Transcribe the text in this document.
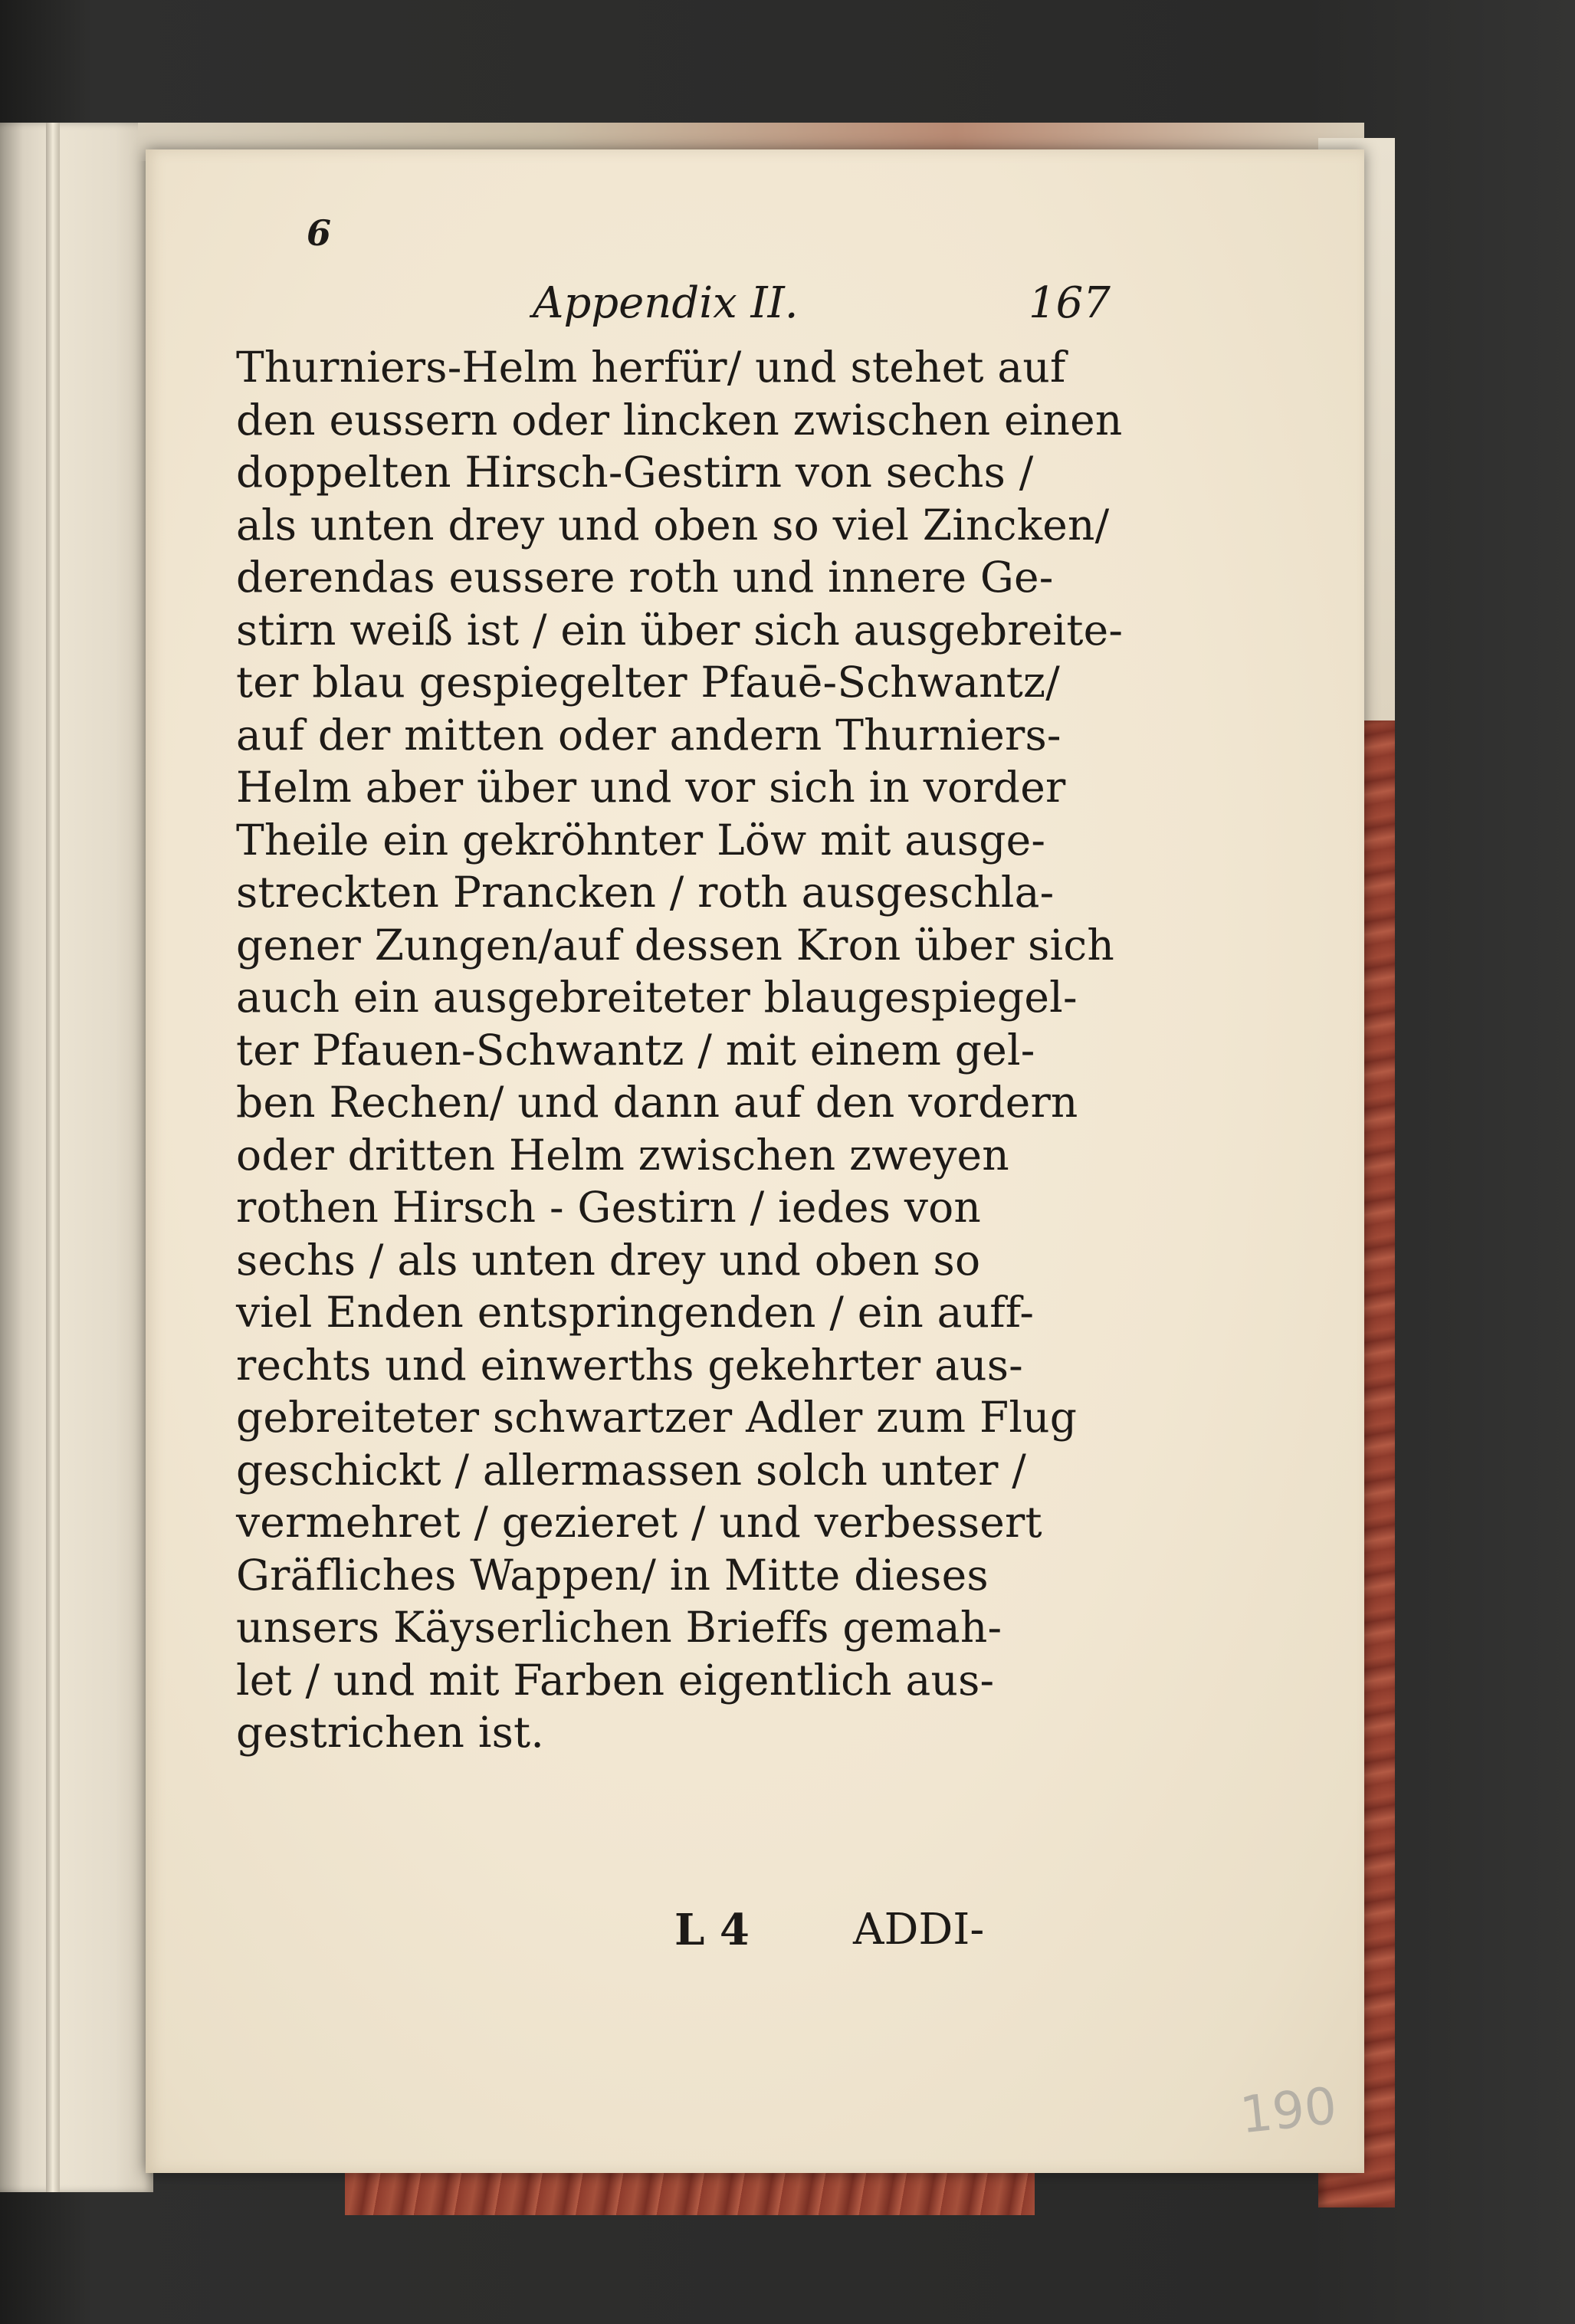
6
Appendix II.	167
Thurniers-Helm herfür/ und stehet auf
den eussern oder lincken zwischen einen
doppelten Hirsch-Gestirn von sechs /
als unten drey und oben so viel Zincken/
derendas eussere roth und innere Ge-
stirn weiß ist / ein über sich ausgebreite-
ter blau gespiegelter Pfauē-Schwantz/
auf der mitten oder andern Thurniers-
Helm aber über und vor sich in vorder
Theile ein gekröhnter Löw mit ausge-
streckten Prancken / roth ausgeschla-
gener Zungen/auf dessen Kron über sich
auch ein ausgebreiteter blaugespiegel-
ter Pfauen-Schwantz / mit einem gel-
ben Rechen/ und dann auf den vordern
oder dritten Helm zwischen zweyen
rothen Hirsch - Gestirn / iedes von
sechs / als unten drey und oben so
viel Enden entspringenden / ein auff-
rechts und einwerths gekehrter aus-
gebreiteter schwartzer Adler zum Flug
geschickt / allermassen solch unter /
vermehret / gezieret / und verbessert
Gräfliches Wappen/ in Mitte dieses
unsers Käyserlichen Brieffs gemah-
let / und mit Farben eigentlich aus-
gestrichen ist.
L 4 ADDI-
190
